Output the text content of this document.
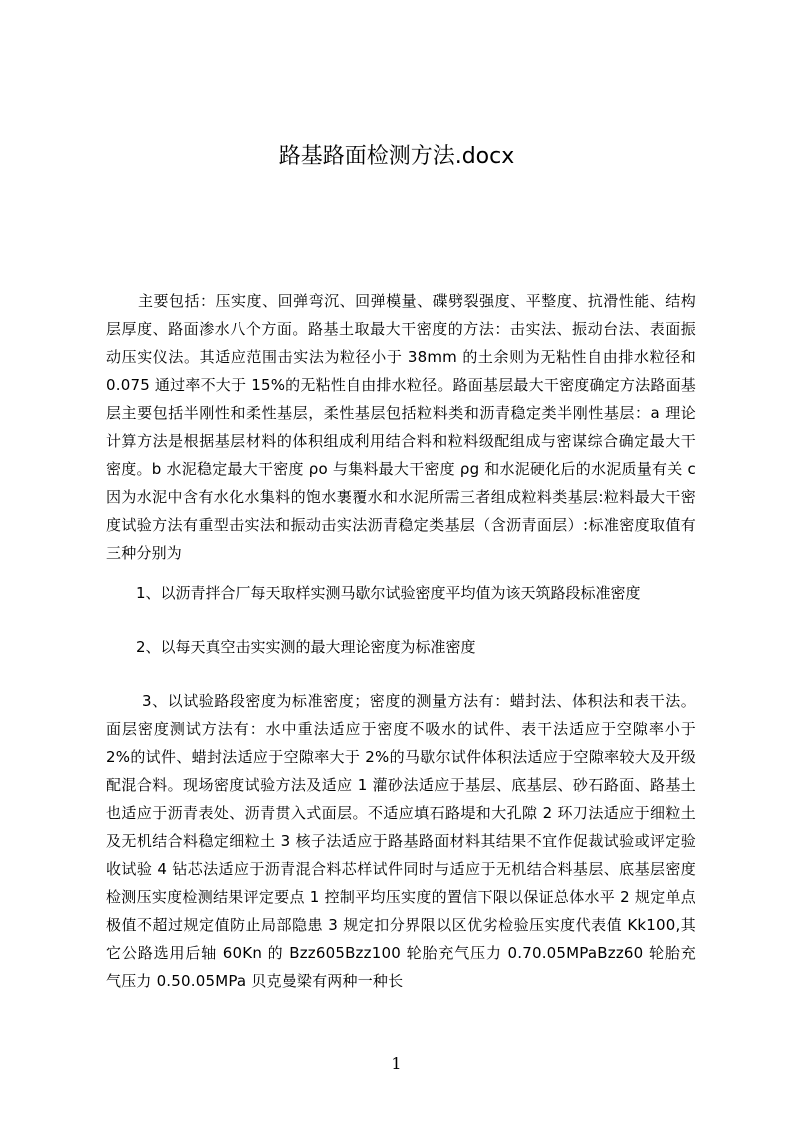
路基路面检测方法.docx

主要包括：压实度、回弹弯沉、回弹模量、碟劈裂强度、平整度、抗滑性能、结构层厚度、路面渗水八个方面。路基土取最大干密度的方法：击实法、振动台法、表面振动压实仪法。其适应范围击实法为粒径小于 38mm 的土余则为无粘性自由排水粒径和 0.075 通过率不大于 15%的无粘性自由排水粒径。路面基层最大干密度确定方法路面基层主要包括半刚性和柔性基层，柔性基层包括粒料类和沥青稳定类半刚性基层：a 理论计算方法是根据基层材料的体积组成利用结合料和粒料级配组成与密谋综合确定最大干密度。b 水泥稳定最大干密度 ρo 与集料最大干密度 ρg 和水泥硬化后的水泥质量有关 c 因为水泥中含有水化水集料的饱水裹覆水和水泥所需三者组成粒料类基层:粒料最大干密度试验方法有重型击实法和振动击实法沥青稳定类基层（含沥青面层）:标准密度取值有三种分别为

1、以沥青拌合厂每天取样实测马歇尔试验密度平均值为该天筑路段标准密度

2、以每天真空击实实测的最大理论密度为标准密度

3、以试验路段密度为标准密度；密度的测量方法有：蜡封法、体积法和表干法。面层密度测试方法有：水中重法适应于密度不吸水的试件、表干法适应于空隙率小于 2%的试件、蜡封法适应于空隙率大于 2%的马歇尔试件体积法适应于空隙率较大及开级配混合料。现场密度试验方法及适应 1 灌砂法适应于基层、底基层、砂石路面、路基土也适应于沥青表处、沥青贯入式面层。不适应填石路堤和大孔隙 2 环刀法适应于细粒土及无机结合料稳定细粒土 3 核子法适应于路基路面材料其结果不宜作促裁试验或评定验收试验 4 钻芯法适应于沥青混合料芯样试件同时与适应于无机结合料基层、底基层密度检测压实度检测结果评定要点 1 控制平均压实度的置信下限以保证总体水平 2 规定单点极值不超过规定值防止局部隐患 3 规定扣分界限以区优劣检验压实度代表值 Kk100,其它公路选用后轴 60Kn 的 Bzz605Bzz100 轮胎充气压力 0.70.05MPaBzz60 轮胎充气压力 0.50.05MPa 贝克曼梁有两种一种长

1
